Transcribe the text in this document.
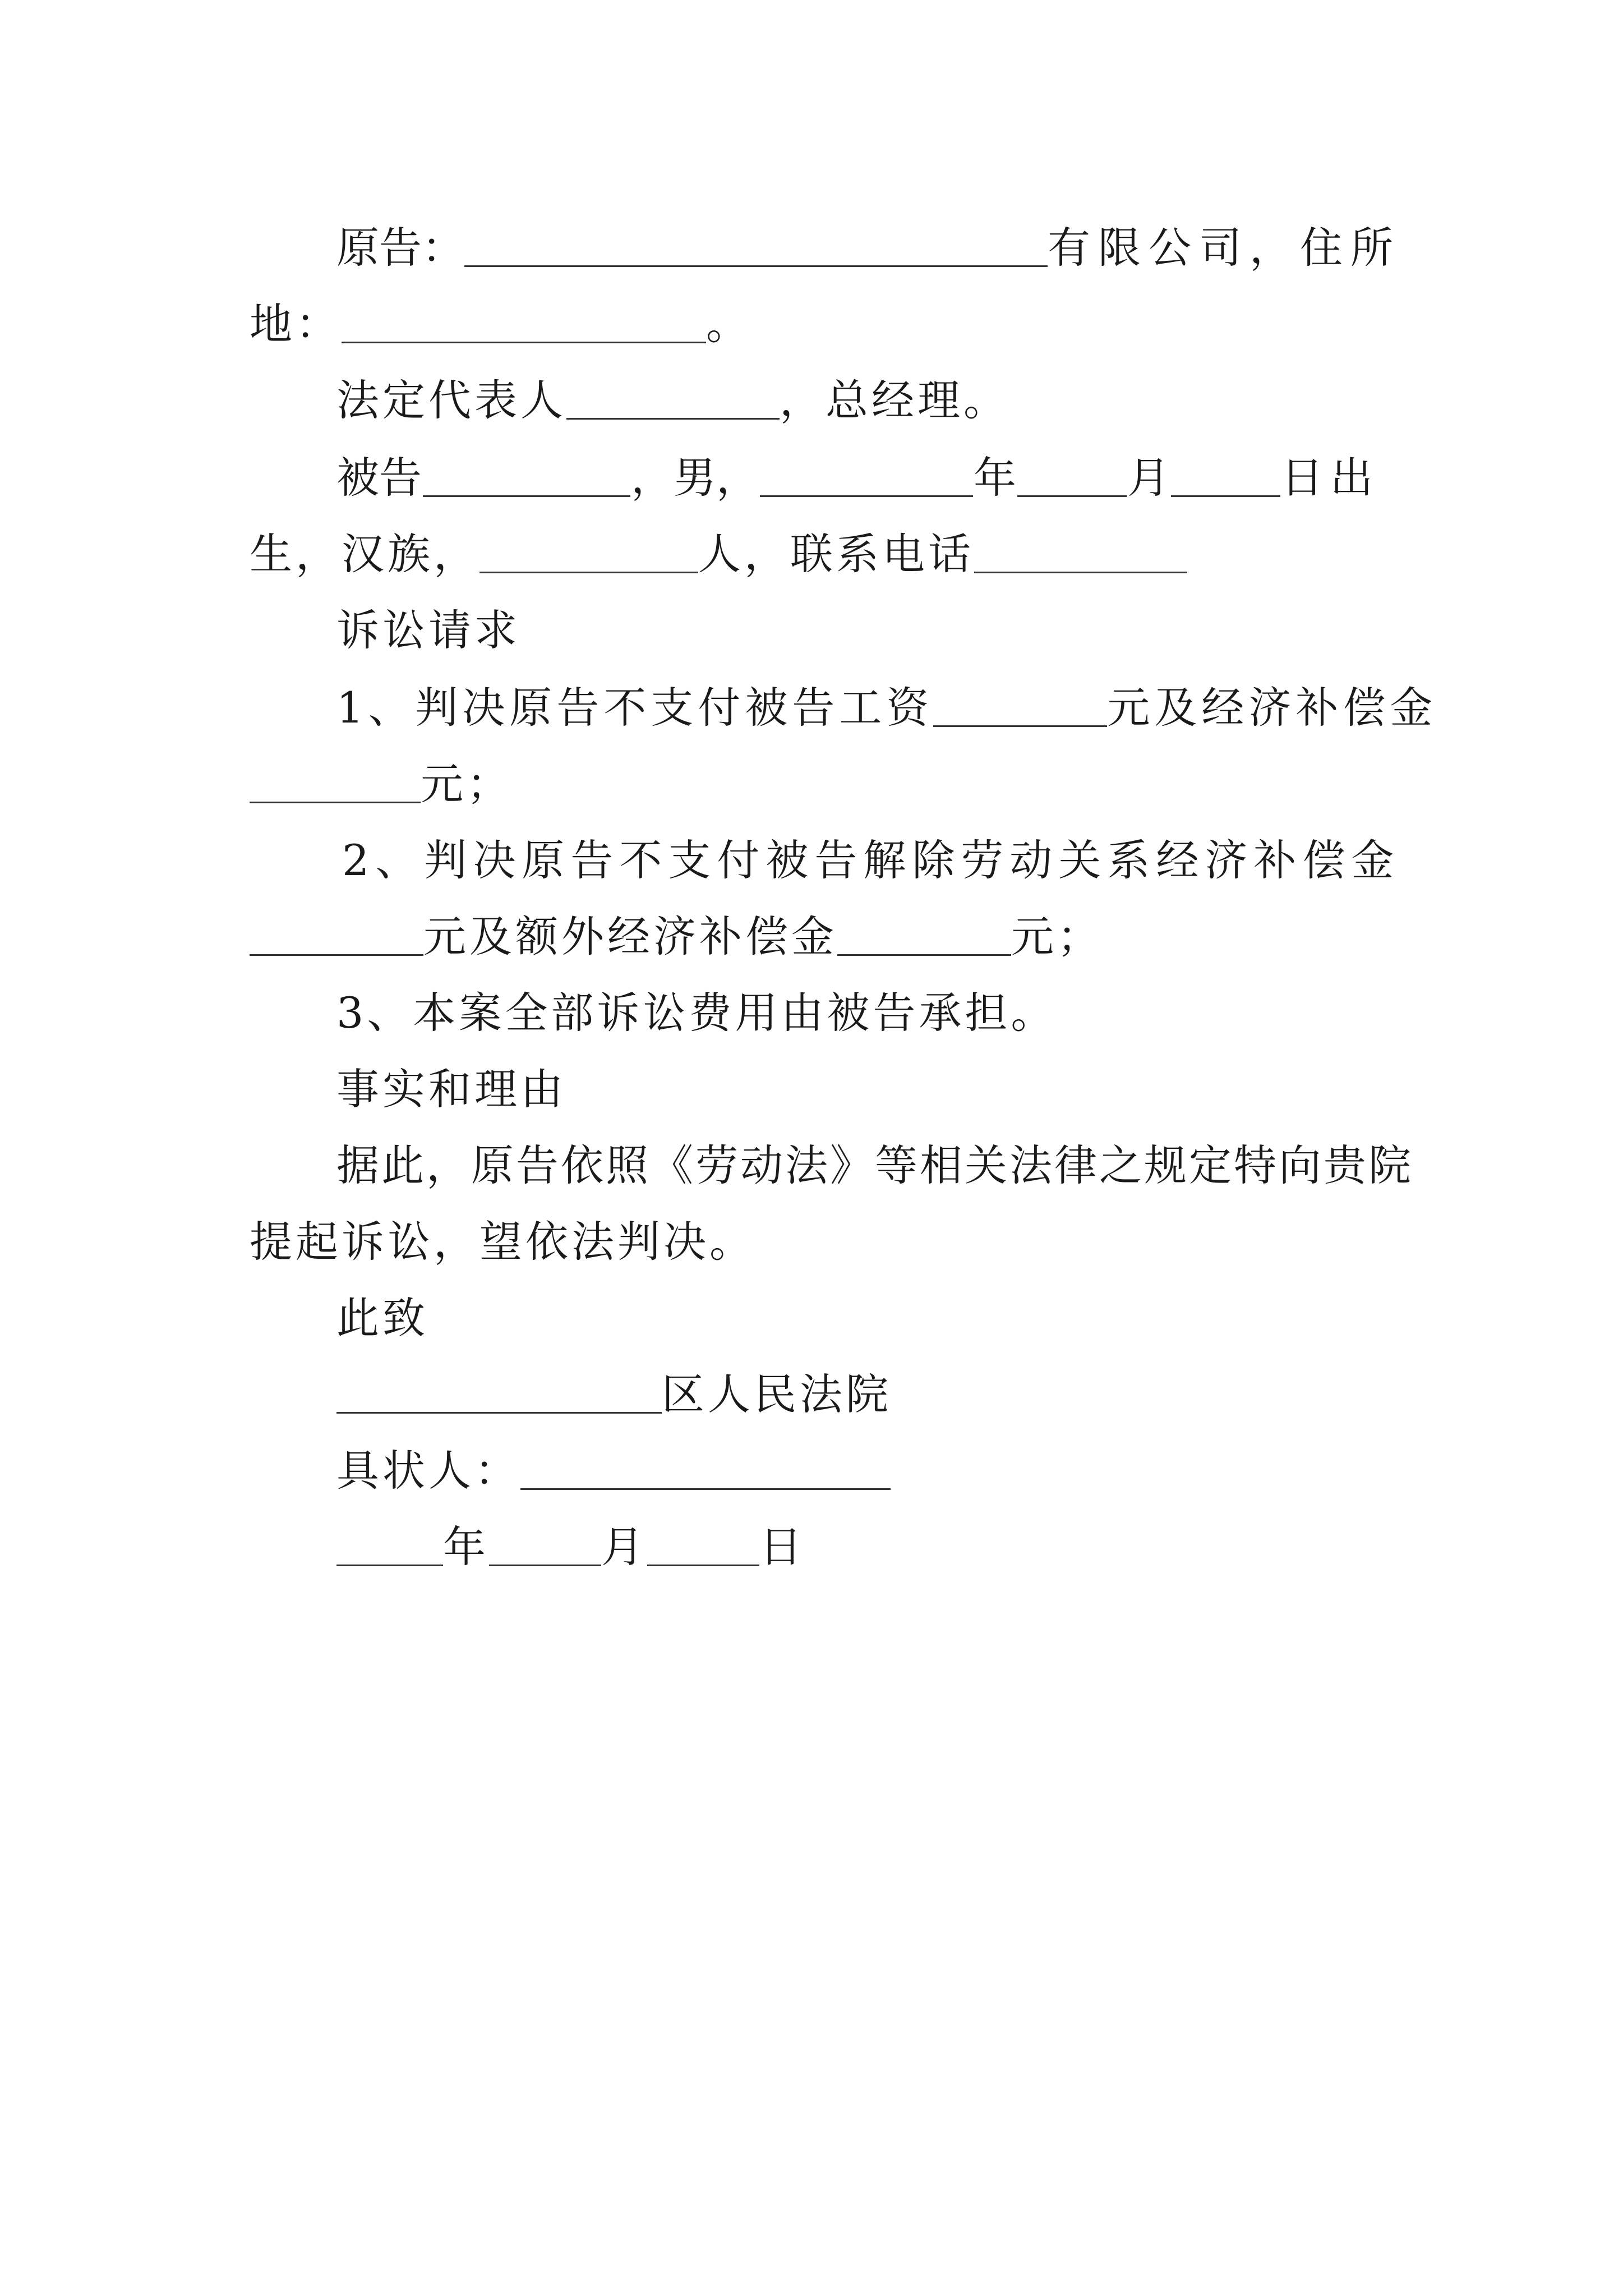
原告：	有限公司，住所
地：	。
法定代表人	，总经理。
被告	，男，	年	月	日出
生，汉族，	人，联系电话
诉讼请求
1、判决原告不支付被告工资	元及经济补偿金
元；
2、判决原告不支付被告解除劳动关系经济补偿金
元及额外经济补偿金	元；
3、本案全部诉讼费用由被告承担。
事实和理由
据此，原告依照《劳动法》等相关法律之规定特向贵院
提起诉讼，望依法判决。
此致
区人民法院
具状人：
年	月	日
